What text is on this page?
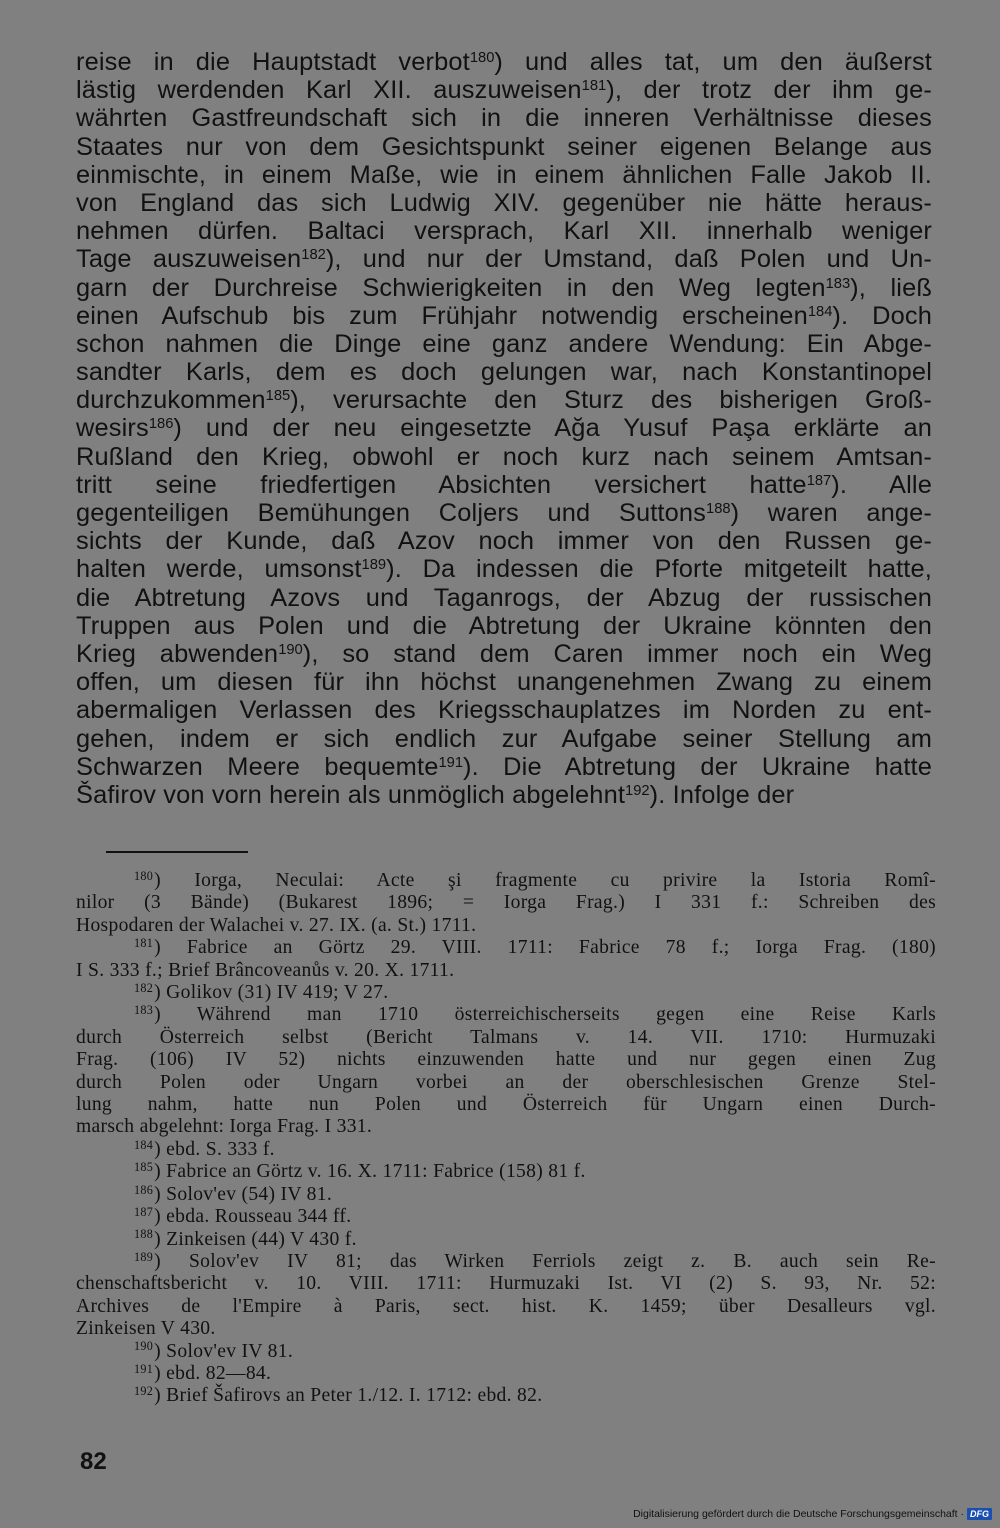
reise in die Hauptstadt verbot$^{180}$) und alles tat, um den äußerst
lästig werdenden Karl XII. auszuweisen$^{181}$), der trotz der ihm ge-
währten Gastfreundschaft sich in die inneren Verhältnisse dieses
Staates nur von dem Gesichtspunkt seiner eigenen Belange aus
einmischte, in einem Maße, wie in einem ähnlichen Falle Jakob II.
von England das sich Ludwig XIV. gegenüber nie hätte heraus-
nehmen dürfen. Baltaci versprach, Karl XII. innerhalb weniger
Tage auszuweisen$^{182}$), und nur der Umstand, daß Polen und Un-
garn der Durchreise Schwierigkeiten in den Weg legten$^{183}$), ließ
einen Aufschub bis zum Frühjahr notwendig erscheinen$^{184}$). Doch
schon nahmen die Dinge eine ganz andere Wendung: Ein Abge-
sandter Karls, dem es doch gelungen war, nach Konstantinopel
durchzukommen$^{185}$), verursachte den Sturz des bisherigen Groß-
wesirs$^{186}$) und der neu eingesetzte Ağa Yusuf Paşa erklärte an
Rußland den Krieg, obwohl er noch kurz nach seinem Amtsan-
tritt seine friedfertigen Absichten versichert hatte$^{187}$). Alle
gegenteiligen Bemühungen Coljers und Suttons$^{188}$) waren ange-
sichts der Kunde, daß Azov noch immer von den Russen ge-
halten werde, umsonst$^{189}$). Da indessen die Pforte mitgeteilt hatte,
die Abtretung Azovs und Taganrogs, der Abzug der russischen
Truppen aus Polen und die Abtretung der Ukraine könnten den
Krieg abwenden$^{190}$), so stand dem Caren immer noch ein Weg
offen, um diesen für ihn höchst unangenehmen Zwang zu einem
abermaligen Verlassen des Kriegsschauplatzes im Norden zu ent-
gehen, indem er sich endlich zur Aufgabe seiner Stellung am
Schwarzen Meere bequemte$^{191}$). Die Abtretung der Ukraine hatte
Šafirov von vorn herein als unmöglich abgelehnt$^{192}$). Infolge der
$^{180}$) Iorga, Neculai: Acte şi fragmente cu privire la Istoria Romî-
nilor (3 Bände) (Bukarest 1896; = Iorga Frag.) I 331 f.: Schreiben des
Hospodaren der Walachei v. 27. IX. (a. St.) 1711.
$^{181}$) Fabrice an Görtz 29. VIII. 1711: Fabrice 78 f.; Iorga Frag. (180)
I S. 333 f.; Brief Brâncoveanůs v. 20. X. 1711.
$^{182}$) Golikov (31) IV 419; V 27.
$^{183}$) Während man 1710 österreichischerseits gegen eine Reise Karls
durch Österreich selbst (Bericht Talmans v. 14. VII. 1710: Hurmuzaki
Frag. (106) IV 52) nichts einzuwenden hatte und nur gegen einen Zug
durch Polen oder Ungarn vorbei an der oberschlesischen Grenze Stel-
lung nahm, hatte nun Polen und Österreich für Ungarn einen Durch-
marsch abgelehnt: Iorga Frag. I 331.
$^{184}$) ebd. S. 333 f.
$^{185}$) Fabrice an Görtz v. 16. X. 1711: Fabrice (158) 81 f.
$^{186}$) Solov'ev (54) IV 81.
$^{187}$) ebda. Rousseau 344 ff.
$^{188}$) Zinkeisen (44) V 430 f.
$^{189}$) Solov'ev IV 81; das Wirken Ferriols zeigt z. B. auch sein Re-
chenschaftsbericht v. 10. VIII. 1711: Hurmuzaki Ist. VI (2) S. 93, Nr. 52:
Archives de l'Empire à Paris, sect. hist. K. 1459; über Desalleurs vgl.
Zinkeisen V 430.
$^{190}$) Solov'ev IV 81.
$^{191}$) ebd. 82—84.
$^{192}$) Brief Šafirovs an Peter 1./12. I. 1712: ebd. 82.
82
Digitalisierung gefördert durch die Deutsche Forschungsgemeinschaft · DFG
